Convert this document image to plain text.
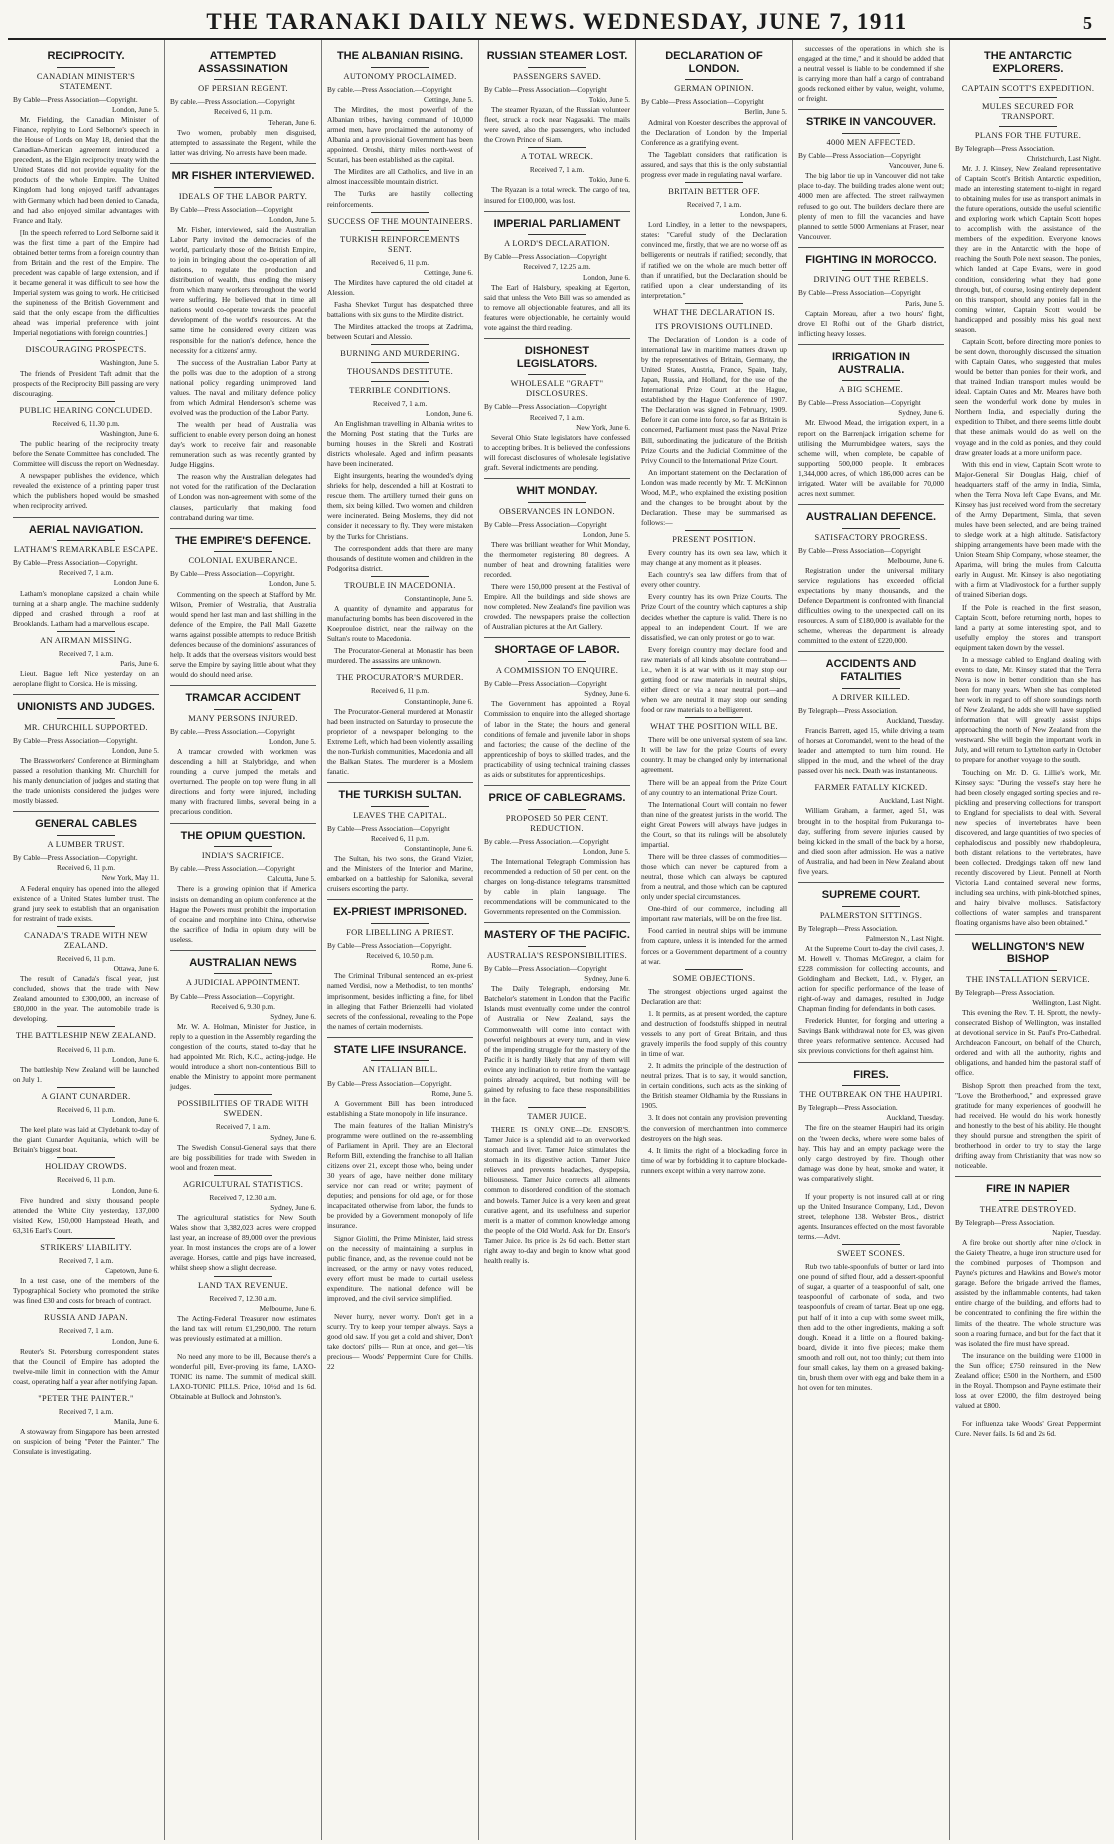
THE TARANAKI DAILY NEWS. WEDNESDAY, JUNE 7, 1911	5
RECIPROCITY.
CANADIAN MINISTER'S STATEMENT.
By Cable—Press Association—Copyright.
London, June 5.

Mr. Fielding, the Canadian Minister of Finance, replying to Lord Selborne's speech in the House of Lords on May 18, denied that the Canadian-American agreement introduced a precedent, as the Elgin reciprocity treaty with the United States did not provide equality for the products of the whole Empire. The United Kingdom had long enjoyed tariff advantages with Germany which had been denied to Canada, and had also enjoyed similar advantages with France and Italy.

[In the speech referred to Lord Selborne said it was the first time a part of the Empire had obtained better terms from a foreign country than from Britain and the rest of the Empire. The precedent was capable of large extension, and if it became general it was difficult to see how the Imperial system was going to work. He criticised the supineness of the British Government and said that the only escape from the difficulties ahead was imperial preference with joint Imperial negotiations with foreign countries.]

DISCOURAGING PROSPECTS.
Washington, June 5.

The friends of President Taft admit that the prospects of the Reciprocity Bill passing are very discouraging.

PUBLIC HEARING CONCLUDED.
Received 6, 11.30 p.m.
Washington, June 6.

The public hearing of the reciprocity treaty before the Senate Committee has concluded. The Committee will discuss the report on Wednesday.

A newspaper publishes the evidence, which revealed the existence of a printing paper trust which the publishers hoped would be smashed when reciprocity arrived.

AERIAL NAVIGATION.
LATHAM'S REMARKABLE ESCAPE.
By Cable—Press Association—Copyright.
Received 7, 1 a.m.
London June 6.

Latham's monoplane capsized a chain while turning at a sharp angle. The machine suddenly dipped and crashed through a roof at Brooklands. Latham had a marvellous escape.

AN AIRMAN MISSING.
Received 7, 1 a.m.
Paris, June 6.

Lieut. Bague left Nice yesterday on an aeroplane flight to Corsica. He is missing.

UNIONISTS AND JUDGES.
MR. CHURCHILL SUPPORTED.
By Cable—Press Association—Copyright.
London, June 5.

The Brassworkers' Conference at Birmingham passed a resolution thanking Mr. Churchill for his manly denunciation of judges and stating that the trade unionists considered the judges were mostly biassed.

GENERAL CABLES
A LUMBER TRUST.
By Cable—Press Association—Copyright.
Received 6, 11 p.m.
New York, May 11.

A Federal enquiry has opened into the alleged existence of a United States lumber trust. The grand jury seek to establish that an organisation for restraint of trade exists.

CANADA'S TRADE WITH NEW ZEALAND.
Received 6, 11 p.m.
Ottawa, June 6.

The result of Canada's fiscal year, just concluded, shows that the trade with New Zealand amounted to £300,000, an increase of £80,000 in the year. The automobile trade is developing.

THE BATTLESHIP NEW ZEALAND.
Received 6, 11 p.m.
London, June 6.

The battleship New Zealand will be launched on July 1.

A GIANT CUNARDER.
Received 6, 11 p.m.
London, June 6.

The keel plate was laid at Clydebank to-day of the giant Cunarder Aquitania, which will be Britain's biggest boat.

HOLIDAY CROWDS.
Received 6, 11 p.m.
London, June 6.

Five hundred and sixty thousand people attended the White City yesterday, 137,000 visited Kew, 150,000 Hampstead Heath, and 63,316 Earl's Court.

STRIKERS' LIABILITY.
Received 7, 1 a.m.
Capetown, June 6.

In a test case, one of the members of the Typographical Society who promoted the strike was fined £30 and costs for breach of contract.

RUSSIA AND JAPAN.
Received 7, 1 a.m.
London, June 6.

Reuter's St. Petersburg correspondent states that the Council of Empire has adopted the twelve-mile limit in connection with the Amur coast, operating half a year after notifying Japan.

"PETER THE PAINTER."
Received 7, 1 a.m.
Manila, June 6.

A stowaway from Singapore has been arrested on suspicion of being "Peter the Painter." The Consulate is investigating.

ATTEMPTED ASSASSINATION
OF PERSIAN REGENT.
By cable.—Press Association.—Copyright
Received 6, 11 p.m.
Teheran, June 6.

Two women, probably men disguised, attempted to assassinate the Regent, while the latter was driving. No arrests have been made.

MR FISHER INTERVIEWED.
IDEALS OF THE LABOR PARTY.
By Cable—Press Association—Copyright
London, June 5.

Mr. Fisher, interviewed, said the Australian Labor Party invited the democracies of the world, particularly those of the British Empire, to join in bringing about the co-operation of all nations, to regulate the production and distribution of wealth, thus ending the misery from which many workers throughout the world were suffering. He believed that in time all nations would co-operate towards the peaceful development of the world's resources. At the same time he considered every citizen was responsible for the nation's defence, hence the necessity for a citizens' army.

The success of the Australian Labor Party at the polls was due to the adoption of a strong national policy regarding unimproved land values. The naval and military defence policy from which Admiral Henderson's scheme was evolved was the production of the Labor Party.

The wealth per head of Australia was sufficient to enable every person doing an honest day's work to receive fair and reasonable remuneration such as was recently granted by Judge Higgins.

The reason why the Australian delegates had not voted for the ratification of the Declaration of London was non-agreement with some of the clauses, particularly that making food contraband during war time.

THE EMPIRE'S DEFENCE.
COLONIAL EXUBERANCE.
By Cable—Press Association—Copyright.
London, June 5.

Commenting on the speech at Stafford by Mr. Wilson, Premier of Westralia, that Australia would spend her last man and last shilling in the defence of the Empire, the Pall Mall Gazette warns against possible attempts to reduce British defences because of the dominions' assurances of help. It adds that the overseas visitors would best serve the Empire by saying little about what they would do should need arise.

TRAMCAR ACCIDENT
MANY PERSONS INJURED.
By cable.—Press Association.—Copyright
London, June 5.

A tramcar crowded with workmen was descending a hill at Stalybridge, and when rounding a curve jumped the metals and overturned. The people on top were flung in all directions and forty were injured, including many with fractured limbs, several being in a precarious condition.

THE OPIUM QUESTION.
INDIA'S SACRIFICE.
By cable.—Press Association.—Copyright
Calcutta, June 5.

There is a growing opinion that if America insists on demanding an opium conference at the Hague the Powers must prohibit the importation of cocaine and morphine into China, otherwise the sacrifice of India in opium duty will be useless.

AUSTRALIAN NEWS
A JUDICIAL APPOINTMENT.
By Cable—Press Association—Copyright.
Received 6, 9.30 p.m.
Sydney, June 6.

Mr. W. A. Holman, Minister for Justice, in reply to a question in the Assembly regarding the congestion of the courts, stated to-day that he had appointed Mr. Rich, K.C., acting-judge. He would introduce a short non-contentious Bill to enable the Ministry to appoint more permanent judges.

POSSIBILITIES OF TRADE WITH SWEDEN.
Received 7, 1 a.m.
Sydney, June 6.

The Swedish Consul-General says that there are big possibilities for trade with Sweden in wool and frozen meat.

AGRICULTURAL STATISTICS.
Received 7, 12.30 a.m.
Sydney, June 6.

The agricultural statistics for New South Wales show that 3,382,023 acres were cropped last year, an increase of 89,000 over the previous year. In most instances the crops are of a lower average. Horses, cattle and pigs have increased, whilst sheep show a slight decrease.

LAND TAX REVENUE.
Received 7, 12.30 a.m.
Melbourne, June 6.

The Acting-Federal Treasurer now estimates the land tax will return £1,290,000. The return was previously estimated at a million.

No need any more to be ill, Because there's a wonderful pill, Ever-proving its fame, LAXO-TONIC its name. The summit of medical skill. LAXO-TONIC PILLS. Price, 10½d and 1s 6d. Obtainable at Bullock and Johnston's.

THE ALBANIAN RISING.
AUTONOMY PROCLAIMED.
By cable.—Press Association.—Copyright
Cettinge, June 5.

The Mirdites, the most powerful of the Albanian tribes, having command of 10,000 armed men, have proclaimed the autonomy of Albania and a provisional Government has been appointed. Oroshi, thirty miles north-west of Scutari, has been established as the capital.

The Mirdites are all Catholics, and live in an almost inaccessible mountain district.

The Turks are hastily collecting reinforcements.

SUCCESS OF THE MOUNTAINEERS.
TURKISH REINFORCEMENTS SENT.
Received 6, 11 p.m.
Cettinge, June 6.

The Mirdites have captured the old citadel at Alession.

Fasha Shevket Turgut has despatched three battalions with six guns to the Mirdite district.

The Mirdites attacked the troops at Zadrima, between Scutari and Alessio.

BURNING AND MURDERING.
THOUSANDS DESTITUTE.
TERRIBLE CONDITIONS.
Received 7, 1 a.m.
London, June 6.

An Englishman travelling in Albania writes to the Morning Post stating that the Turks are burning houses in the Skreli and Kostrati districts wholesale. Aged and infirm peasants have been incinerated.

Eight insurgents, hearing the wounded's dying shrieks for help, descended a hill at Kostrati to rescue them. The artillery turned their guns on them, six being killed. Two women and children were incinerated. Being Moslems, they did not consider it necessary to fly. They were mistaken by the Turks for Christians.

The correspondent adds that there are many thousands of destitute women and children in the Podgoritsa district.

TROUBLE IN MACEDONIA.
Constantinople, June 5.

A quantity of dynamite and apparatus for manufacturing bombs has been discovered in the Koeprouloe district, near the railway on the Sultan's route to Macedonia.

The Procurator-General at Monastir has been murdered. The assassins are unknown.

THE PROCURATOR'S MURDER.
Received 6, 11 p.m.
Constantinople, June 6.

The Procurator-General murdered at Monastir had been instructed on Saturday to prosecute the proprietor of a newspaper belonging to the Extreme Left, which had been violently assailing the non-Turkish communities, Macedonia and all the Balkan States. The murderer is a Moslem fanatic.

THE TURKISH SULTAN.
LEAVES THE CAPITAL.
By Cable—Press Association—Copyright
Received 6, 11 p.m.
Constantinople, June 6.

The Sultan, his two sons, the Grand Vizier, and the Ministers of the Interior and Marine, embarked on a battleship for Salonika, several cruisers escorting the party.

EX-PRIEST IMPRISONED.
FOR LIBELLING A PRIEST.
By Cable—Press Association—Copyright.
Received 6, 10.50 p.m.
Rome, June 6.

The Criminal Tribunal sentenced an ex-priest named Verdisi, now a Methodist, to ten months' imprisonment, besides inflicting a fine, for libel in alleging that Father Brienzelli had violated secrets of the confessional, revealing to the Pope the names of certain modernists.

STATE LIFE INSURANCE.
AN ITALIAN BILL.
By Cable—Press Association—Copyright.
Rome, June 5.

A Government Bill has been introduced establishing a State monopoly in life insurance.

The main features of the Italian Ministry's programme were outlined on the re-assembling of Parliament in April. They are an Electoral Reform Bill, extending the franchise to all Italian citizens over 21, except those who, being under 30 years of age, have neither done military service nor can read or write; payment of deputies; and pensions for old age, or for those incapacitated otherwise from labor, the funds to be provided by a Government monopoly of life insurance.

Signor Giolitti, the Prime Minister, laid stress on the necessity of maintaining a surplus in public finance, and, as the revenue could not be increased, or the army or navy votes reduced, every effort must be made to curtail useless expenditure. The national defence will be improved, and the civil service simplified.

Never hurry, never worry. Don't get in a scurry. Try to keep your temper always. Says a good old saw. If you get a cold and shiver, Don't take doctors' pills— Run at once, and get—'tis precious— Woods' Peppermint Cure for Chills. 22

RUSSIAN STEAMER LOST.
PASSENGERS SAVED.
By Cable—Press Association—Copyright
Tokio, June 5.

The steamer Ryazan, of the Russian volunteer fleet, struck a rock near Nagasaki. The mails were saved, also the passengers, who included the Crown Prince of Siam.

A TOTAL WRECK.
Received 7, 1 a.m.
Tokio, June 6.

The Ryazan is a total wreck. The cargo of tea, insured for £100,000, was lost.

IMPERIAL PARLIAMENT
A LORD'S DECLARATION.
By Cable—Press Association—Copyright
Received 7, 12.25 a.m.
London, June 6.

The Earl of Halsbury, speaking at Egerton, said that unless the Veto Bill was so amended as to remove all objectionable features, and all its features were objectionable, he certainly would vote against the third reading.

DISHONEST LEGISLATORS.
WHOLESALE "GRAFT" DISCLOSURES.
By Cable—Press Association—Copyright
Received 7, 1 a.m.
New York, June 6.

Several Ohio State legislators have confessed to accepting bribes. It is believed the confessions will forecast disclosures of wholesale legislative graft. Several indictments are pending.

WHIT MONDAY.
OBSERVANCES IN LONDON.
By Cable—Press Association—Copyright
London, June 5.

There was brilliant weather for Whit Monday, the thermometer registering 80 degrees. A number of heat and drowning fatalities were recorded.

There were 150,000 present at the Festival of Empire. All the buildings and side shows are now completed. New Zealand's fine pavilion was crowded. The newspapers praise the collection of Australian pictures at the Art Gallery.

SHORTAGE OF LABOR.
A COMMISSION TO ENQUIRE.
By Cable—Press Association—Copyright
Sydney, June 6.

The Government has appointed a Royal Commission to enquire into the alleged shortage of labor in the State; the hours and general conditions of female and juvenile labor in shops and factories; the cause of the decline of the apprenticeship of boys to skilled trades, and the practicability of using technical training classes as aids or substitutes for apprenticeships.

PRICE OF CABLEGRAMS.
PROPOSED 50 PER CENT. REDUCTION.
By cable.—Press Association.—Copyright
London, June 5.

The International Telegraph Commission has recommended a reduction of 50 per cent. on the charges on long-distance telegrams transmitted by cable in plain language. The recommendations will be communicated to the Governments represented on the Commission.

MASTERY OF THE PACIFIC.
AUSTRALIA'S RESPONSIBILITIES.
By Cable—Press Association—Copyright
Sydney, June 6.

The Daily Telegraph, endorsing Mr. Batchelor's statement in London that the Pacific Islands must eventually come under the control of Australia or New Zealand, says the Commonwealth will come into contact with powerful neighbours at every turn, and in view of the impending struggle for the mastery of the Pacific it is hardly likely that any of them will evince any inclination to retire from the vantage points already acquired, but nothing will be gained by refusing to face these responsibilities in the face.

TAMER JUICE.

THERE IS ONLY ONE—Dr. ENSOR'S. Tamer Juice is a splendid aid to an overworked stomach and liver. Tamer Juice stimulates the stomach in its digestive action. Tamer Juice relieves and prevents headaches, dyspepsia, biliousness. Tamer Juice corrects all ailments common to disordered condition of the stomach and bowels. Tamer Juice is a very keen and great curative agent, and its usefulness and superior merit is a matter of common knowledge among the people of the Old World. Ask for Dr. Ensor's Tamer Juice. Its price is 2s 6d each. Better start right away to-day and begin to know what good health really is.

DECLARATION OF LONDON.
GERMAN OPINION.
By Cable—Press Association—Copyright
Berlin, June 5.

Admiral von Koester describes the approval of the Declaration of London by the Imperial Conference as a gratifying event.

The Tageblatt considers that ratification is assured, and says that this is the only substantial progress ever made in regulating naval warfare.

BRITAIN BETTER OFF.
Received 7, 1 a.m.
London, June 6.

Lord Lindley, in a letter to the newspapers, states: "Careful study of the Declaration convinced me, firstly, that we are no worse off as belligerents or neutrals if ratified; secondly, that if ratified we on the whole are much better off than if unratified, but the Declaration should be ratified upon a clear understanding of its interpretation."

WHAT THE DECLARATION IS.
ITS PROVISIONS OUTLINED.

The Declaration of London is a code of international law in maritime matters drawn up by the representatives of Britain, Germany, the United States, Austria, France, Spain, Italy, Japan, Russia, and Holland, for the use of the International Prize Court at the Hague, established by the Hague Conference of 1907. The Declaration was signed in February, 1909. Before it can come into force, so far as Britain is concerned, Parliament must pass the Naval Prize Bill, subordinating the judicature of the British Prize Courts and the Judicial Committee of the Privy Council to the International Prize Court.

An important statement on the Declaration of London was made recently by Mr. T. McKinnon Wood, M.P., who explained the existing position and the changes to be brought about by the Declaration. These may be summarised as follows:—

PRESENT POSITION.

Every country has its own sea law, which it may change at any moment as it pleases.

Each country's sea law differs from that of every other country.

Every country has its own Prize Courts. The Prize Court of the country which captures a ship decides whether the capture is valid. There is no appeal to an independent Court. If we are dissatisfied, we can only protest or go to war.

Every foreign country may declare food and raw materials of all kinds absolute contraband—i.e., when it is at war with us it may stop our getting food or raw materials in neutral ships, either direct or via a near neutral port—and when we are neutral it may stop our sending food or raw materials to a belligerent.

WHAT THE POSITION WILL BE.

There will be one universal system of sea law. It will be law for the prize Courts of every country. It may be changed only by international agreement.

There will be an appeal from the Prize Court of any country to an international Prize Court.

The International Court will contain no fewer than nine of the greatest jurists in the world. The eight Great Powers will always have judges in the Court, so that its rulings will be absolutely impartial.

There will be three classes of commodities—those which can never be captured from a neutral, those which can always be captured from a neutral, and those which can be captured only under special circumstances.

One-third of our commerce, including all important raw materials, will be on the free list.

Food carried in neutral ships will be immune from capture, unless it is intended for the armed forces or a Government department of a country at war.

SOME OBJECTIONS.

The strongest objections urged against the Declaration are that:

1. It permits, as at present worded, the capture and destruction of foodstuffs shipped in neutral vessels to any port of Great Britain, and thus gravely imperils the food supply of this country in time of war.

2. It admits the principle of the destruction of neutral prizes. That is to say, it would sanction, in certain conditions, such acts as the sinking of the British steamer Oldhamia by the Russians in 1905.

3. It does not contain any provision preventing the conversion of merchantmen into commerce destroyers on the high seas.

4. It limits the right of a blockading force in time of war by forbidding it to capture blockade-runners except within a very narrow zone.

successes of the operations in which she is engaged at the time," and it should be added that a neutral vessel is liable to be condemned if she is carrying more than half a cargo of contraband goods reckoned either by value, weight, volume, or freight.

STRIKE IN VANCOUVER.
4000 MEN AFFECTED.
By Cable—Press Association—Copyright
Vancouver, June 6.

The big labor tie up in Vancouver did not take place to-day. The building trades alone went out; 4000 men are affected. The street railwaymen refused to go out. The builders declare there are plenty of men to fill the vacancies and have planned to settle 5000 Armenians at Fraser, near Vancouver.

FIGHTING IN MOROCCO.
DRIVING OUT THE REBELS.
By Cable—Press Association—Copyright
Paris, June 5.

Captain Moreau, after a two hours' fight, drove El Rofhi out of the Gharb district, inflicting heavy losses.

IRRIGATION IN AUSTRALIA.
A BIG SCHEME.
By Cable—Press Association—Copyright
Sydney, June 6.

Mr. Elwood Mead, the irrigation expert, in a report on the Barrenjack irrigation scheme for utilising the Murrumbidgee waters, says the scheme will, when complete, be capable of supporting 500,000 people. It embraces 1,344,000 acres, of which 186,000 acres can be irrigated. Water will be available for 70,000 acres next summer.

AUSTRALIAN DEFENCE.
SATISFACTORY PROGRESS.
By Cable—Press Association—Copyright
Melbourne, June 6.

Registration under the universal military service regulations has exceeded official expectations by many thousands, and the Defence Department is confronted with financial difficulties owing to the unexpected call on its resources. A sum of £180,000 is available for the scheme, whereas the department is already committed to the extent of £220,000.

ACCIDENTS AND FATALITIES
A DRIVER KILLED.
By Telegraph—Press Association.
Auckland, Tuesday.

Francis Barrett, aged 15, while driving a team of horses at Coromandel, went to the head of the leader and attempted to turn him round. He slipped in the mud, and the wheel of the dray passed over his neck. Death was instantaneous.

FARMER FATALLY KICKED.
Auckland, Last Night.

William Graham, a farmer, aged 51, was brought in to the hospital from Pukuranga to-day, suffering from severe injuries caused by being kicked in the small of the back by a horse, and died soon after admission. He was a native of Australia, and had been in New Zealand about five years.

SUPREME COURT.
PALMERSTON SITTINGS.
By Telegraph—Press Association.
Palmerston N., Last Night.

At the Supreme Court to-day the civil cases, J. M. Howell v. Thomas McGregor, a claim for £228 commission for collecting accounts, and Goldingham and Beckett, Ltd., v. Flyger, an action for specific performance of the lease of right-of-way and damages, resulted in Judge Chapman finding for defendants in both cases.

Frederick Hunter, for forging and uttering a Savings Bank withdrawal note for £3, was given three years reformative sentence. Accused had six previous convictions for theft against him.

FIRES.
THE OUTBREAK ON THE HAUPIRI.
By Telegraph—Press Association.
Auckland, Tuesday.

The fire on the steamer Haupiri had its origin on the 'tween decks, where were some bales of hay. This hay and an empty package were the only cargo destroyed by fire. Though other damage was done by heat, smoke and water, it was comparatively slight.

If your property is not insured call at or ring up the United Insurance Company, Ltd., Devon street, telephone 138. Webster Bros., district agents. Insurances effected on the most favorable terms.—Advt.

SWEET SCONES.

Rub two table-spoonfuls of butter or lard into one pound of sifted flour, add a dessert-spoonful of sugar, a quarter of a teaspoonful of salt, one teaspoonful of carbonate of soda, and two teaspoonfuls of cream of tartar. Beat up one egg, put half of it into a cup with some sweet milk, then add to the other ingredients, making a soft dough. Knead it a little on a floured baking-board, divide it into five pieces; make them smooth and roll out, not too thinly; cut them into four small cakes, lay them on a greased baking-tin, brush them over with egg and bake them in a hot oven for ten minutes.

THE ANTARCTIC EXPLORERS.
CAPTAIN SCOTT'S EXPEDITION.
MULES SECURED FOR TRANSPORT.
PLANS FOR THE FUTURE.
By Telegraph—Press Association.
Christchurch, Last Night.

Mr. J. J. Kinsey, New Zealand representative of Captain Scott's British Antarctic expedition, made an interesting statement to-night in regard to obtaining mules for use as transport animals in the future operations, outside the useful scientific and exploring work which Captain Scott hopes to accomplish with the assistance of the members of the expedition. Everyone knows they are in the Antarctic with the hope of reaching the South Pole next season. The ponies, which landed at Cape Evans, were in good condition, considering what they had gone through, but, of course, losing entirely dependent on this transport, should any ponies fall in the coming winter, Captain Scott would be handicapped and possibly miss his goal next season.

Captain Scott, before directing more ponies to be sent down, thoroughly discussed the situation with Captain Oates, who suggested that mules would be better than ponies for their work, and that trained Indian transport mules would be ideal. Captain Oates and Mr. Meares have both seen the wonderful work done by mules in Northern India, and especially during the expedition to Thibet, and there seems little doubt that these animals would do as well on the voyage and in the cold as ponies, and they could draw greater loads at a more uniform pace.

With this end in view, Captain Scott wrote to Major-General Sir Douglas Haig, chief of headquarters staff of the army in India, Simla, when the Terra Nova left Cape Evans, and Mr. Kinsey has just received word from the secretary of the Army Department, Simla, that seven mules have been selected, and are being trained to sledge work at a high altitude. Satisfactory shipping arrangements have been made with the Union Steam Ship Company, whose steamer, the Aparima, will bring the mules from Calcutta early in August. Mr. Kinsey is also negotiating with a firm at Vladivostock for a further supply of trained Siberian dogs.

If the Pole is reached in the first season, Captain Scott, before returning north, hopes to land a party at some interesting spot, and to usefully employ the stores and transport equipment taken down by the vessel.

In a message cabled to England dealing with events to date, Mr. Kinsey stated that the Terra Nova is now in better condition than she has been for many years. When she has completed her work in regard to off shore soundings north of New Zealand, he adds she will have supplied information that will greatly assist ships approaching the north of New Zealand from the westward. She will begin the important work in July, and will return to Lyttelton early in October to prepare for another voyage to the south.

Touching on Mr. D. G. Lillie's work, Mr. Kinsey says: "During the vessel's stay here he had been closely engaged sorting species and re-pickling and preserving collections for transport to England for specialists to deal with. Several new species of invertebrates have been discovered, and large quantities of two species of cephalodiscus and possibly new rhabdopleura, both distant relations to the vertebrates, have been collected. Dredgings taken off new land recently discovered by Lieut. Pennell at North Victoria Land contained several new forms, including sea urchins, with pink-blotched spines, and hairy bivalve molluscs. Satisfactory collections of water samples and transparent floating organisms have also been obtained."

WELLINGTON'S NEW BISHOP
THE INSTALLATION SERVICE.
By Telegraph—Press Association.
Wellington, Last Night.

This evening the Rev. T. H. Sprott, the newly-consecrated Bishop of Wellington, was installed at devotional service in St. Paul's Pro-Cathedral. Archdeacon Fancourt, on behalf of the Church, ordered and with all the authority, rights and obligations, and handed him the pastoral staff of office.

Bishop Sprott then preached from the text, "Love the Brotherhood," and expressed grave gratitude for many experiences of goodwill he had received. He would do his work honestly and honestly to the best of his ability. He thought they should pursue and strengthen the spirit of brotherhood in order to try to stay the large drifting away from Christianity that was now so noticeable.

FIRE IN NAPIER
THEATRE DESTROYED.
By Telegraph—Press Association.
Napier, Tuesday.

A fire broke out shortly after nine o'clock in the Gaiety Theatre, a huge iron structure used for the combined purposes of Thompson and Payne's pictures and Hawkins and Bowe's motor garage. Before the brigade arrived the flames, assisted by the inflammable contents, had taken entire charge of the building, and efforts had to be concentrated to confining the fire within the limits of the theatre. The whole structure was soon a roaring furnace, and but for the fact that it was isolated the fire must have spread.

The insurance on the building were £1000 in the Sun office; £750 reinsured in the New Zealand office; £500 in the Northern, and £500 in the Royal. Thompson and Payne estimate their loss at over £2000, the film destroyed being valued at £800.

For influenza take Woods' Great Peppermint Cure. Never fails. Is 6d and 2s 6d.
